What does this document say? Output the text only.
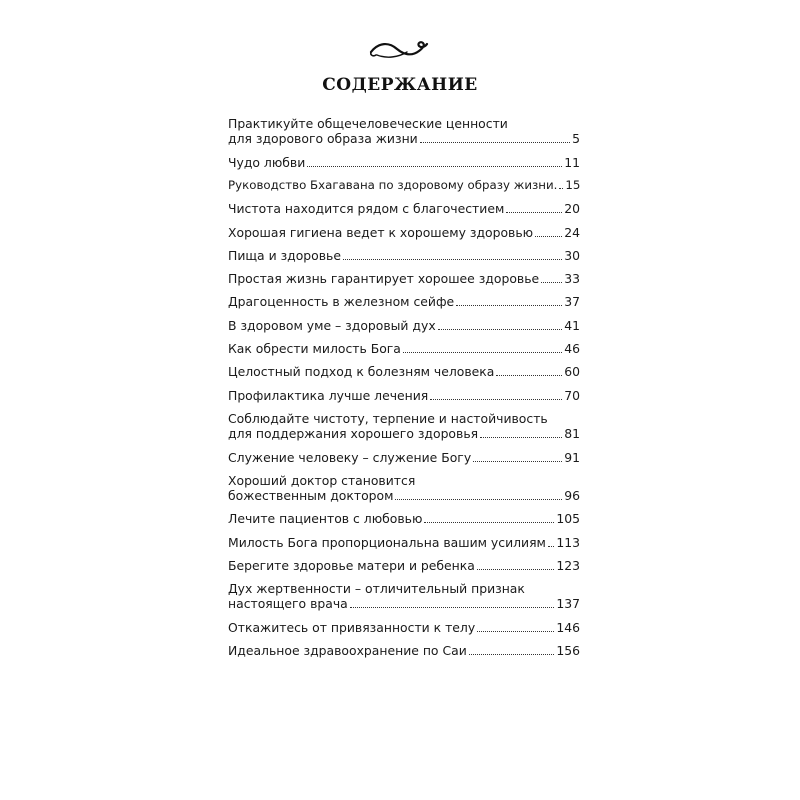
СОДЕРЖАНИЕ
Практикуйте общечеловеческие ценности
для здорового образа жизни	5
Чудо любви	11
Руководство Бхагавана по здоровому образу жизни. 15
Чистота находится рядом с благочестием	20
Хорошая гигиена ведет к хорошему здоровью	24
Пища и здоровье	30
Простая жизнь гарантирует хорошее здоровье 33
Драгоценность в железном сейфе	37
В здоровом уме – здоровый дух	41
Как обрести милость Бога	46
Целостный подход к болезням человека	60
Профилактика лучше лечения	70
Соблюдайте чистоту, терпение и настойчивость
для поддержания хорошего здоровья	81
Служение человеку – служение Богу	91
Хороший доктор становится
божественным доктором	96
Лечите пациентов с любовью	105
Милость Бога пропорциональна вашим усилиям 113
Берегите здоровье матери и ребенка	123
Дух жертвенности – отличительный признак
настоящего врача	137
Откажитесь от привязанности к телу	146
Идеальное здравоохранение по Саи	156
